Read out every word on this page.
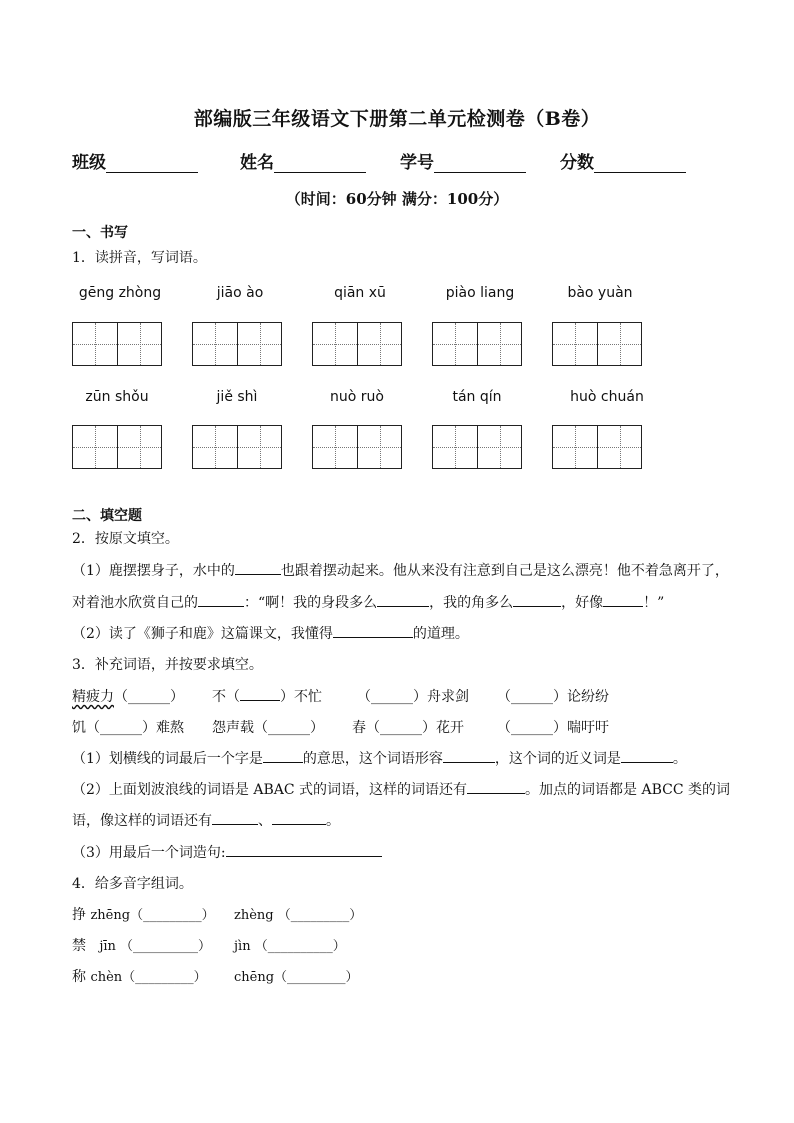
部编版三年级语文下册第二单元检测卷（B卷）
班级	姓名	学号	分数
（时间：60分钟 满分：100分）
一、书写
1．读拼音，写词语。
gēng zhòng	jiāo ào	qiān xū	piào liang	bào yuàn
zūn shǒu	jiě shì	nuò ruò	tán qín	huò chuán
二、填空题
2．按原文填空。
（1）鹿摆摆身子，水中的	也跟着摆动起来。他从来没有注意到自己是这么漂亮！他不着急离开了，
对着池水欣赏自己的	：“啊！我的身段多么	，我的角多么	，好像	！”
（2）读了《狮子和鹿》这篇课文，我懂得	的道理。
3．补充词语，并按要求填空。
精疲力（______） 不（	）不忙	（______）舟求剑 （______）论纷纷
饥（______）难熬 怨声载（______） 春（______）花开 （______）喘吁吁
（1）划横线的词最后一个字是	的意思，这个词语形容	，这个词的近义词是	。
（2）上面划波浪线的词语是 ABAC 式的词语，这样的词语还有	。加点的词语都是 ABCC 类的词
语，像这样的词语还有	、	。
（3）用最后一个词造句:
4．给多音字组词。
挣 zhēng（_________） zhèng （_________）
禁 jīn （__________） jìn （__________）
称 chèn（_________） chēng（_________）
